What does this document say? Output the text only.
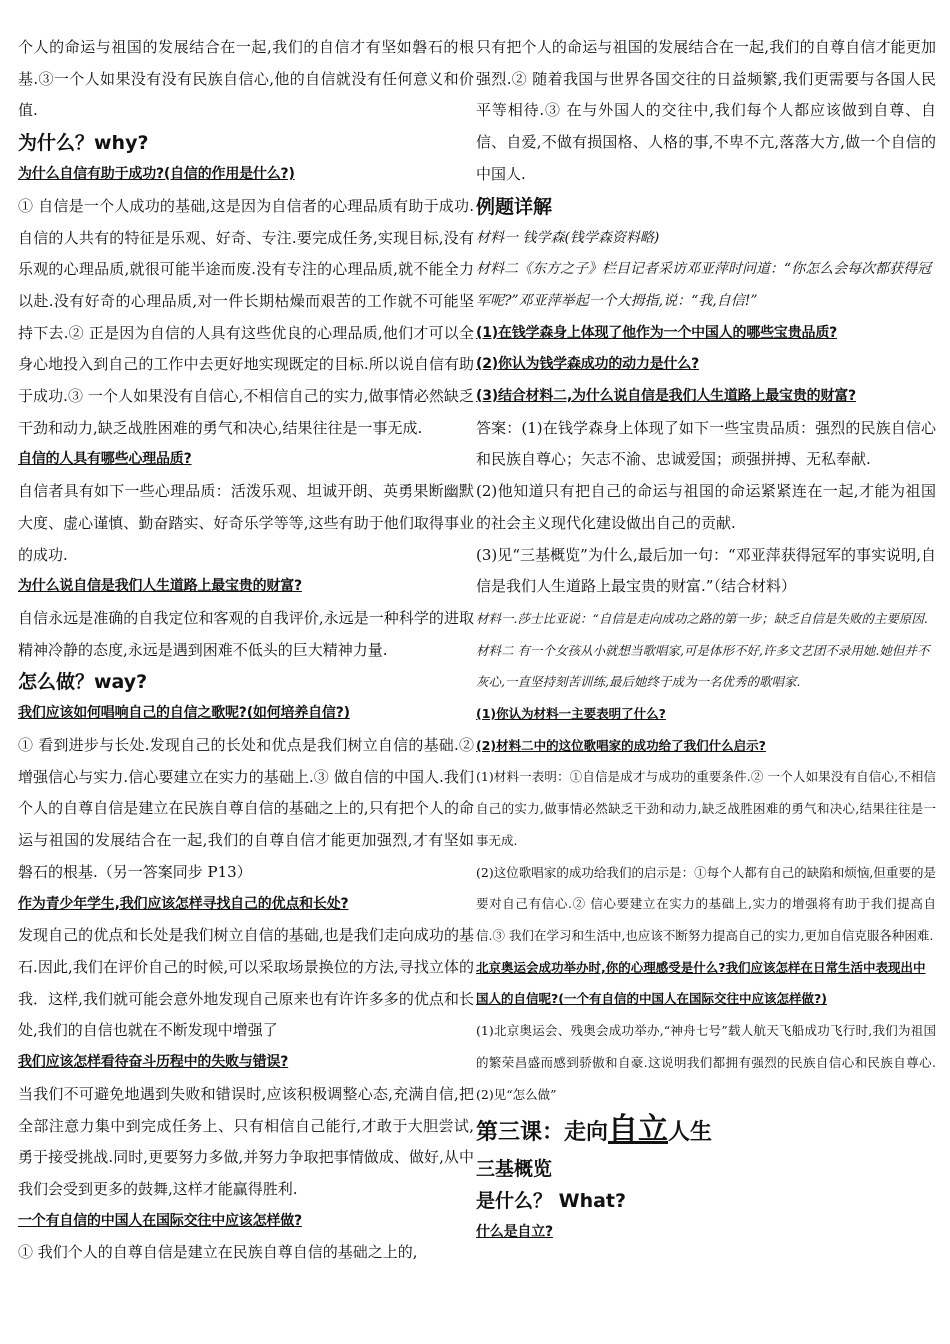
个人的命运与祖国的发展结合在一起,我们的自信才有坚如磐石的根基.③一个人如果没有没有民族自信心,他的自信就没有任何意义和价值.

为什么？why?

为什么自信有助于成功?(自信的作用是什么?)

① 自信是一个人成功的基础,这是因为自信者的心理品质有助于成功.自信的人共有的特征是乐观、好奇、专注.要完成任务,实现目标,没有乐观的心理品质,就很可能半途而废.没有专注的心理品质,就不能全力以赴.没有好奇的心理品质,对一件长期枯燥而艰苦的工作就不可能坚持下去.② 正是因为自信的人具有这些优良的心理品质,他们才可以全身心地投入到自己的工作中去更好地实现既定的目标.所以说自信有助于成功.③ 一个人如果没有自信心,不相信自己的实力,做事情必然缺乏干劲和动力,缺乏战胜困难的勇气和决心,结果往往是一事无成.

自信的人具有哪些心理品质?

自信者具有如下一些心理品质：活泼乐观、坦诚开朗、英勇果断幽默大度、虚心谨慎、勤奋踏实、好奇乐学等等,这些有助于他们取得事业的成功.

为什么说自信是我们人生道路上最宝贵的财富?

自信永远是准确的自我定位和客观的自我评价,永远是一种科学的进取精神冷静的态度,永远是遇到困难不低头的巨大精神力量.

怎么做？way?

我们应该如何唱响自己的自信之歌呢?(如何培养自信?)

① 看到进步与长处.发现自己的长处和优点是我们树立自信的基础.② 增强信心与实力.信心要建立在实力的基础上.③ 做自信的中国人.我们个人的自尊自信是建立在民族自尊自信的基础之上的,只有把个人的命运与祖国的发展结合在一起,我们的自尊自信才能更加强烈,才有坚如磐石的根基.（另一答案同步 P13）

作为青少年学生,我们应该怎样寻找自己的优点和长处?

发现自己的优点和长处是我们树立自信的基础,也是我们走向成功的基石.因此,我们在评价自己的时候,可以采取场景换位的方法,寻找立体的我．这样,我们就可能会意外地发现自己原来也有许许多多的优点和长处,我们的自信也就在不断发现中增强了

我们应该怎样看待奋斗历程中的失败与错误?

当我们不可避免地遇到失败和错误时,应该积极调整心态,充满自信,把全部注意力集中到完成任务上、只有相信自己能行,才敢于大胆尝试,勇于接受挑战.同时,更要努力多做,并努力争取把事情做成、做好,从中我们会受到更多的鼓舞,这样才能赢得胜利.

一个有自信的中国人在国际交往中应该怎样做?

① 我们个人的自尊自信是建立在民族自尊自信的基础之上的,

只有把个人的命运与祖国的发展结合在一起,我们的自尊自信才能更加强烈.② 随着我国与世界各国交往的日益频繁,我们更需要与各国人民平等相待.③ 在与外国人的交往中,我们每个人都应该做到自尊、自信、自爱,不做有损国格、人格的事,不卑不亢,落落大方,做一个自信的中国人.

例题详解

材料一 钱学森(钱学森资料略)

材料二《东方之子》栏目记者采访邓亚萍时问道：“你怎么会每次都获得冠军呢?”邓亚萍举起一个大拇指,说：“我,自信!”

(1)在钱学森身上体现了他作为一个中国人的哪些宝贵品质?

(2)你认为钱学森成功的动力是什么?

(3)结合材料二,为什么说自信是我们人生道路上最宝贵的财富?

答案：(1)在钱学森身上体现了如下一些宝贵品质：强烈的民族自信心和民族自尊心；矢志不渝、忠诚爱国；顽强拼搏、无私奉献.

(2)他知道只有把自己的命运与祖国的命运紧紧连在一起,才能为祖国的社会主义现代化建设做出自己的贡献.

(3)见“三基概览”为什么,最后加一句：“邓亚萍获得冠军的事实说明,自信是我们人生道路上最宝贵的财富.”（结合材料）

材料一.莎士比亚说：“自信是走向成功之路的第一步；缺乏自信是失败的主要原因.

材料二 有一个女孩从小就想当歌唱家,可是体形不好,许多文艺团不录用她.她但并不灰心,一直坚持刻苦训练,最后她终于成为一名优秀的歌唱家.

(1)你认为材料一主要表明了什么?

(2)材料二中的这位歌唱家的成功给了我们什么启示?

(1)材料一表明：①自信是成才与成功的重要条件.② 一个人如果没有自信心,不相信自己的实力,做事情必然缺乏干劲和动力,缺乏战胜困难的勇气和决心,结果往往是一事无成.

(2)这位歌唱家的成功给我们的启示是：①每个人都有自己的缺陷和烦恼,但重要的是要对自己有信心.② 信心要建立在实力的基础上,实力的增强将有助于我们提高自信.③ 我们在学习和生活中,也应该不断努力提高自己的实力,更加自信克服各种困难.

北京奥运会成功举办时,你的心理感受是什么?我们应该怎样在日常生活中表现出中国人的自信呢?(一个有自信的中国人在国际交往中应该怎样做?)

(1)北京奥运会、残奥会成功举办,“神舟七号”载人航天飞船成功飞行时,我们为祖国的繁荣昌盛而感到骄傲和自豪.这说明我们都拥有强烈的民族自信心和民族自尊心. (2)见“怎么做”

第三课：走向自立人生

三基概览

是什么？ What?

什么是自立?
